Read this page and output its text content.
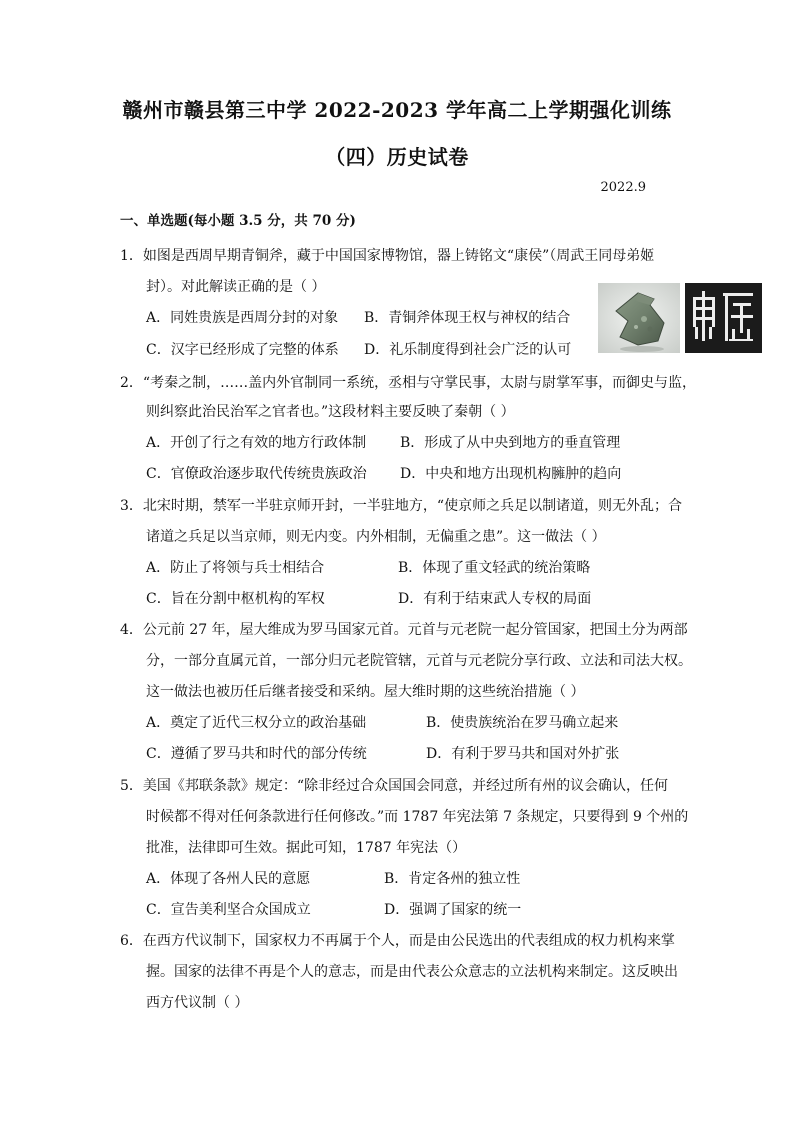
赣州市赣县第三中学 2022-2023 学年高二上学期强化训练
（四）历史试卷
2022.9
一、单选题(每小题 3.5 分，共 70 分)
1．如图是西周早期青铜斧，藏于中国国家博物馆，器上铸铭文“康侯”（周武王同母弟姬
封）。对此解读正确的是（ ）
A．同姓贵族是西周分封的对象 B．青铜斧体现王权与神权的结合
C．汉字已经形成了完整的体系 D．礼乐制度得到社会广泛的认可
2．“考秦之制，……盖内外官制同一系统，丞相与守掌民事，太尉与尉掌军事，而御史与监，
则纠察此治民治军之官者也。”这段材料主要反映了秦朝（ ）
A．开创了行之有效的地方行政体制 B．形成了从中央到地方的垂直管理
C．官僚政治逐步取代传统贵族政治 D．中央和地方出现机构臃肿的趋向
3．北宋时期，禁军一半驻京师开封，一半驻地方，“使京师之兵足以制诸道，则无外乱；合
诸道之兵足以当京师，则无内变。内外相制，无偏重之患”。这一做法（ ）
A．防止了将领与兵士相结合	B．体现了重文轻武的统治策略
C．旨在分割中枢机构的军权	D．有利于结束武人专权的局面
4．公元前 27 年，屋大维成为罗马国家元首。元首与元老院一起分管国家，把国土分为两部
分，一部分直属元首，一部分归元老院管辖，元首与元老院分享行政、立法和司法大权。
这一做法也被历任后继者接受和采纳。屋大维时期的这些统治措施（ ）
A．奠定了近代三权分立的政治基础	B．使贵族统治在罗马确立起来
C．遵循了罗马共和时代的部分传统	D．有利于罗马共和国对外扩张
5．美国《邦联条款》规定：“除非经过合众国国会同意，并经过所有州的议会确认，任何
时候都不得对任何条款进行任何修改。”而 1787 年宪法第 7 条规定，只要得到 9 个州的
批准，法律即可生效。据此可知，1787 年宪法（）
A．体现了各州人民的意愿	B．肯定各州的独立性
C．宣告美利坚合众国成立	D．强调了国家的统一
6．在西方代议制下，国家权力不再属于个人，而是由公民选出的代表组成的权力机构来掌
握。国家的法律不再是个人的意志，而是由代表公众意志的立法机构来制定。这反映出
西方代议制（ ）
